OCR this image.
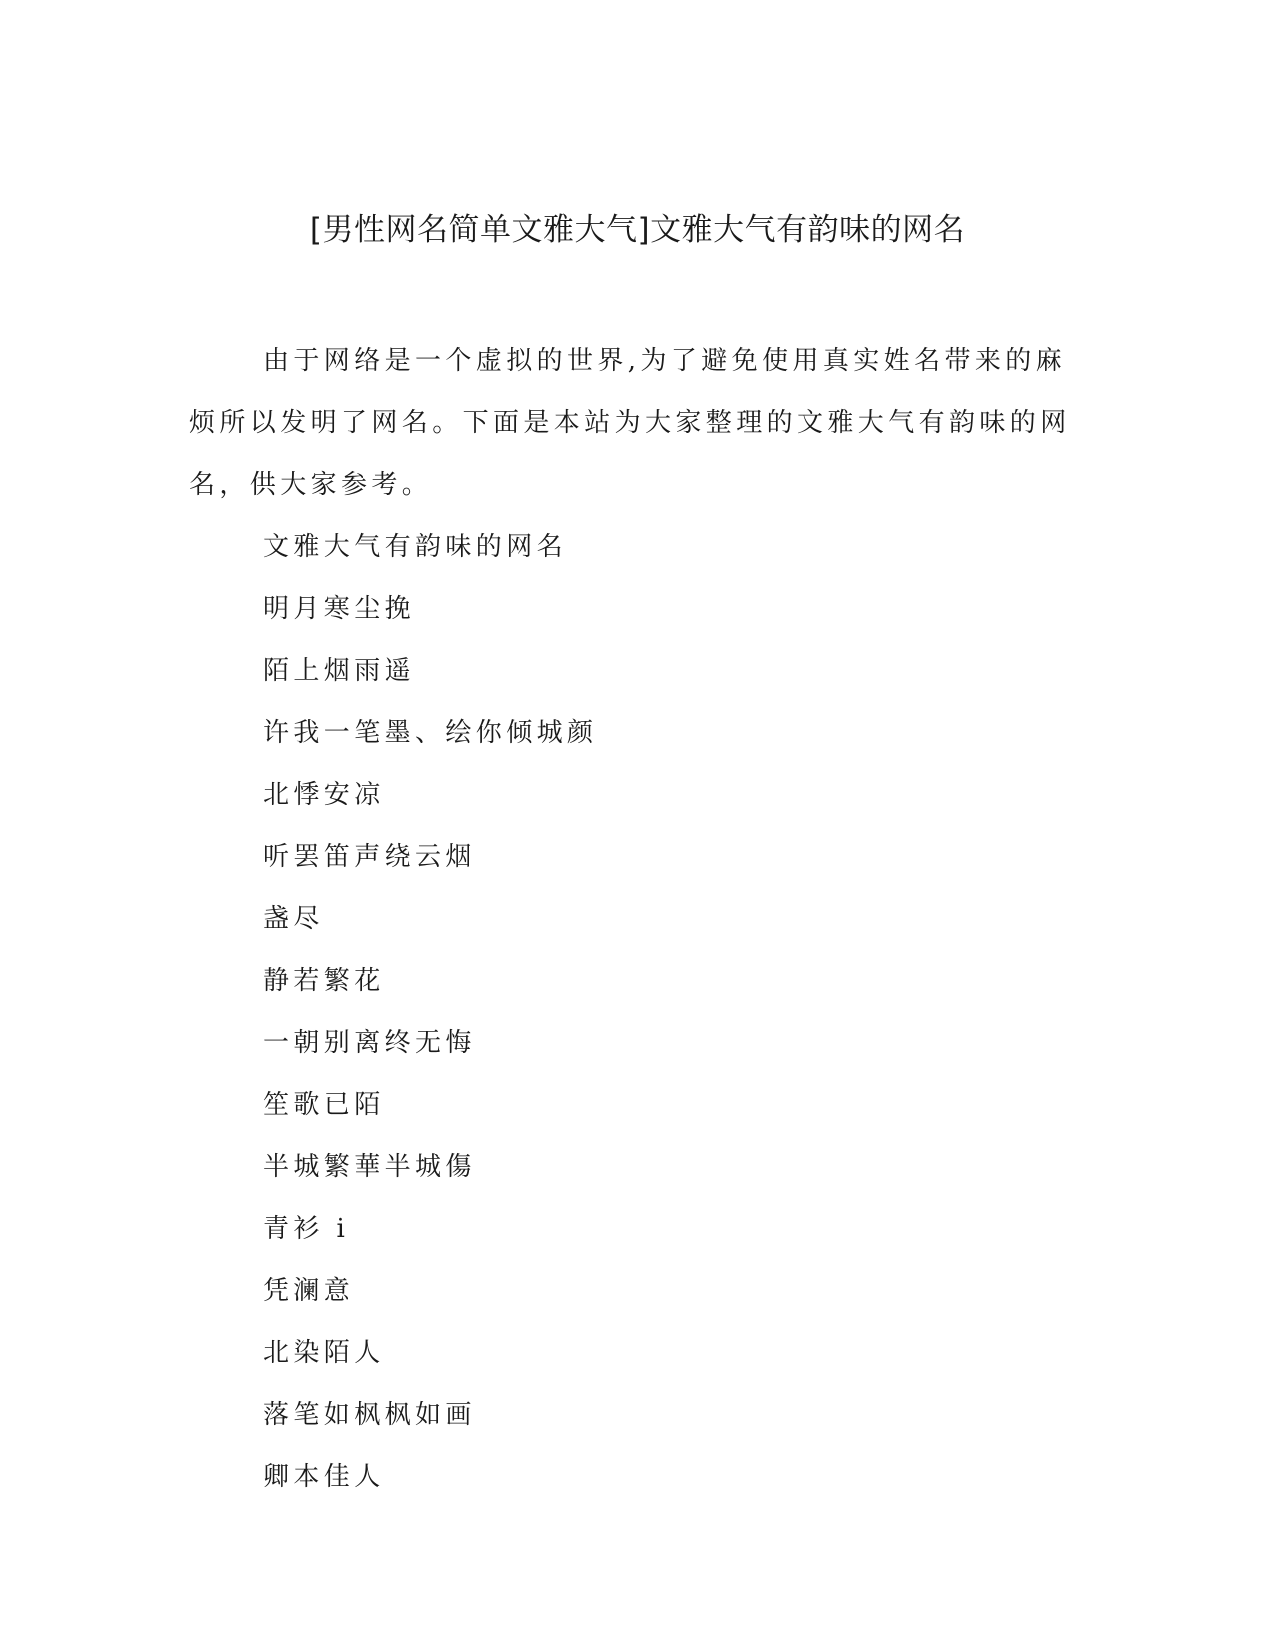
[男性网名简单文雅大气]文雅大气有韵味的网名

由于网络是一个虚拟的世界,为了避免使用真实姓名带来的麻烦所以发明了网名。下面是本站为大家整理的文雅大气有韵味的网名，供大家参考。

文雅大气有韵味的网名
明月寒尘挽
陌上烟雨遥
许我一笔墨、绘你倾城颜
北悸安凉
听罢笛声绕云烟
盏尽
静若繁花
一朝别离终无悔
笙歌已陌
半城繁華半城傷
青衫 i
凭澜意
北染陌人
落笔如枫枫如画
卿本佳人
